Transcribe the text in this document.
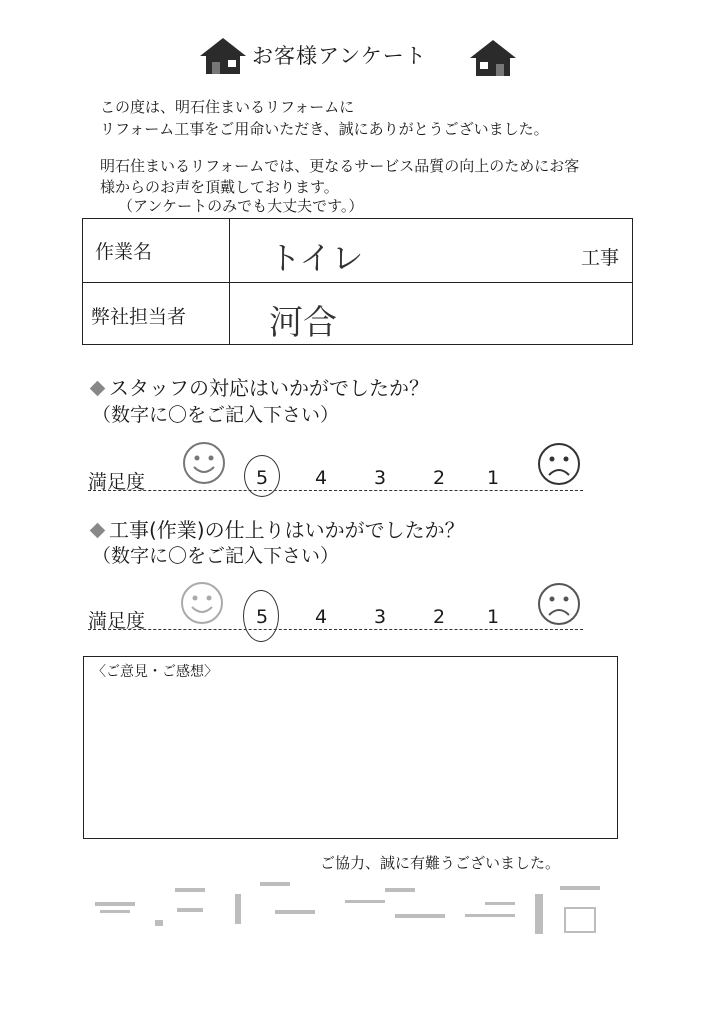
お客様アンケート
この度は、明石住まいるリフォームに
リフォーム工事をご用命いただき、誠にありがとうございました。
明石住まいるリフォームでは、更なるサービス品質の向上のためにお客
様からのお声を頂戴しております。
（アンケートのみでも大丈夫です。）
作業名	トイレ	工事
弊社担当者 河合
スタッフの対応はいかがでしたか？
（数字に〇をご記入下さい）
満足度	5 4 3 2 1
工事(作業)の仕上りはいかがでしたか？
（数字に〇をご記入下さい）
満足度	5 4 3 2 1
〈ご意見・ご感想〉
ご協力、誠に有難うございました。
